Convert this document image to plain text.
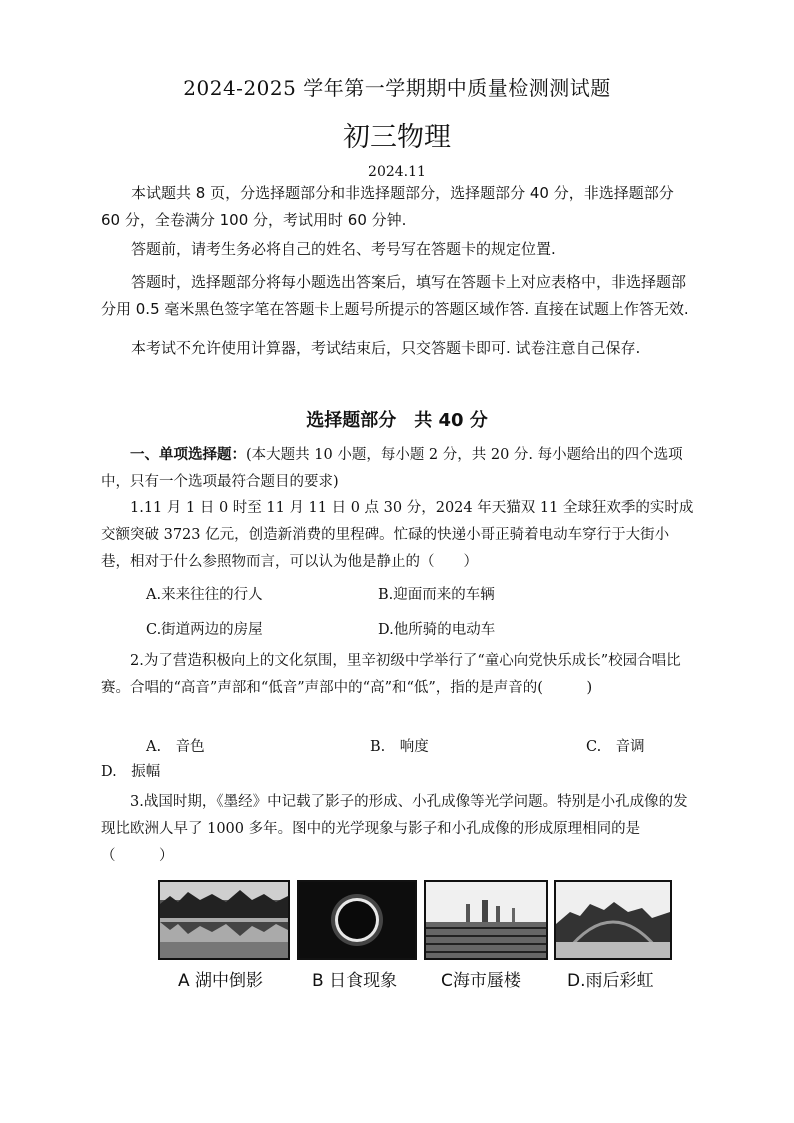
2024-2025 学年第一学期期中质量检测测试题
初三物理
2024.11

本试题共 8 页，分选择题部分和非选择题部分，选择题部分 40 分，非选择题部分 60 分，全卷满分 100 分，考试用时 60 分钟.

答题前，请考生务必将自己的姓名、考号写在答题卡的规定位置.

答题时，选择题部分将每小题选出答案后，填写在答题卡上对应表格中，非选择题部分用 0.5 毫米黑色签字笔在答题卡上题号所提示的答题区域作答. 直接在试题上作答无效.

本考试不允许使用计算器，考试结束后，只交答题卡即可. 试卷注意自己保存.

选择题部分　共 40 分

一、单项选择题：(本大题共 10 小题，每小题 2 分，共 20 分. 每小题给出的四个选项中，只有一个选项最符合题目的要求)

1.11 月 1 日 0 时至 11 月 11 日 0 点 30 分，2024 年天猫双 11 全球狂欢季的实时成交额突破 3723 亿元，创造新消费的里程碑。忙碌的快递小哥正骑着电动车穿行于大街小巷，相对于什么参照物而言，可以认为他是静止的（　　）

A.来来往往的行人	B.迎面而来的车辆
C.街道两边的房屋	D.他所骑的电动车

2.为了营造积极向上的文化氛围，里辛初级中学举行了“童心向党快乐成长”校园合唱比赛。合唱的“高音”声部和“低音”声部中的“高”和“低”，指的是声音的(　　　)

A.　音色	B.　响度	C.　音调
D.　振幅

3.战国时期，《墨经》中记载了影子的形成、小孔成像等光学问题。特别是小孔成像的发现比欧洲人早了 1000 多年。图中的光学现象与影子和小孔成像的形成原理相同的是（　　　）

A 湖中倒影	B 日食现象	C海市蜃楼	D.雨后彩虹
